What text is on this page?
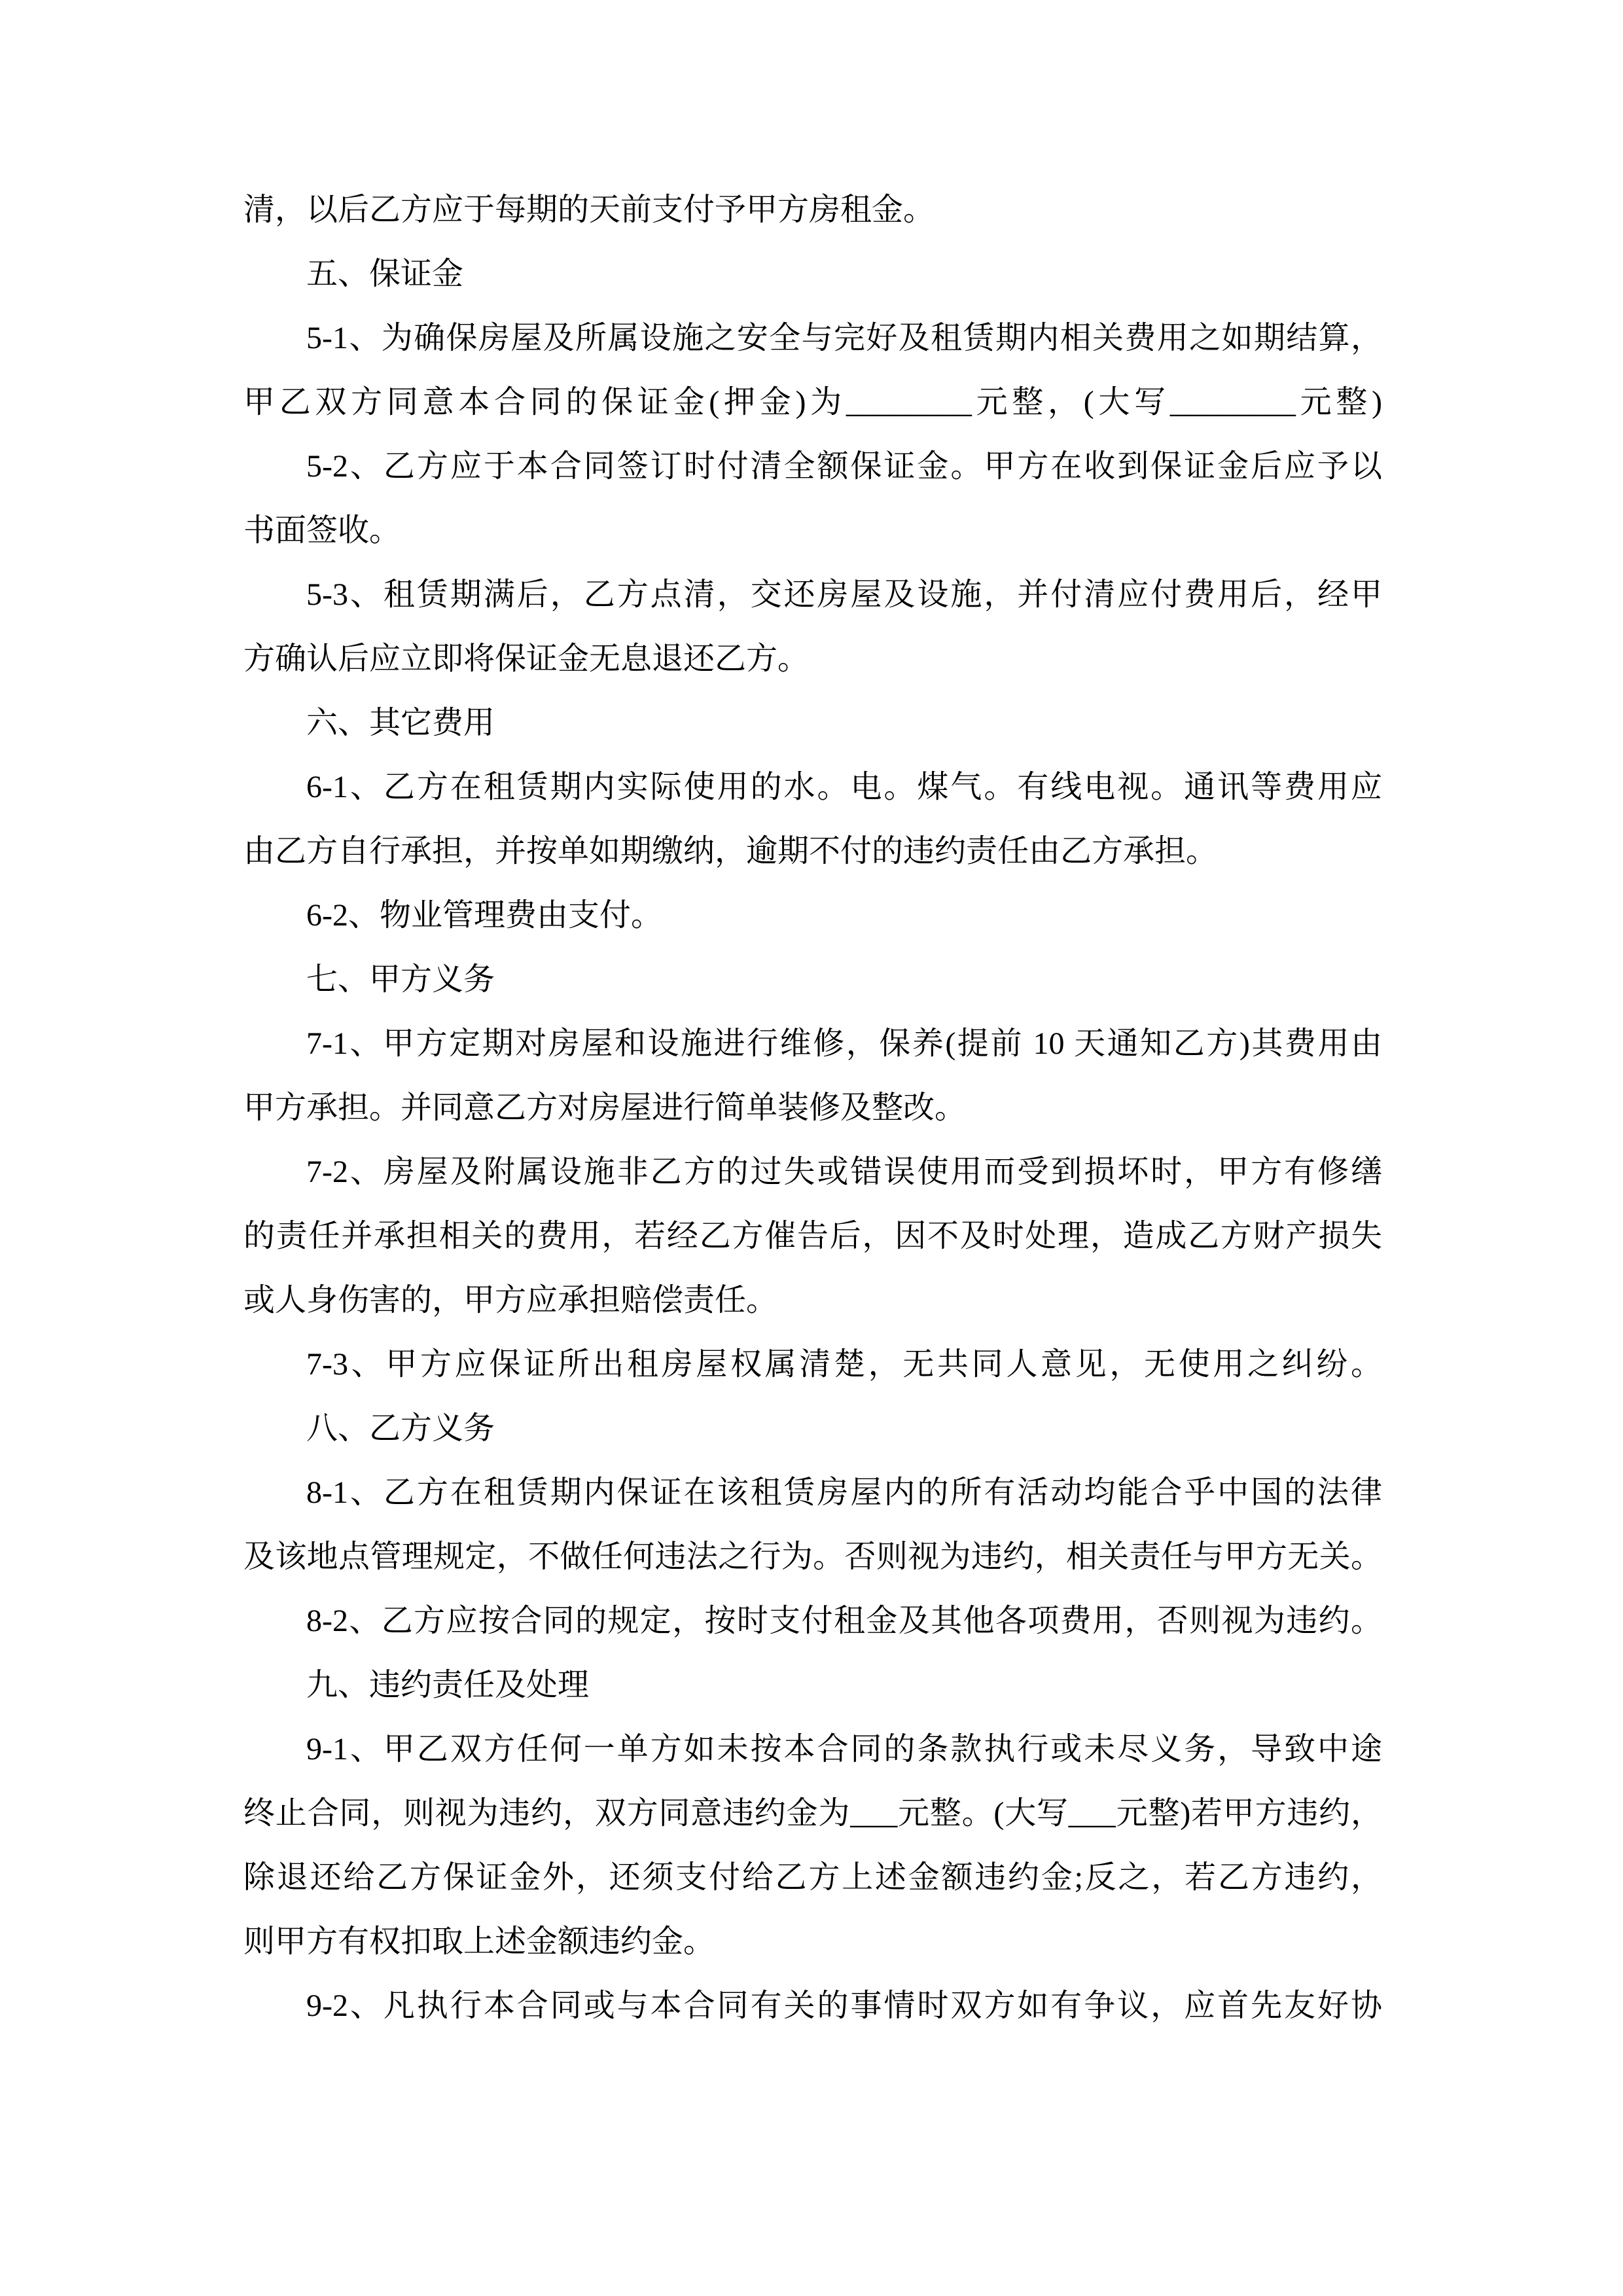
清，以后乙方应于每期的天前支付予甲方房租金。
五、保证金
5-1、为确保房屋及所属设施之安全与完好及租赁期内相关费用之如期结算，
甲乙双方同意本合同的保证金(押金)为________元整，(大写________元整)
5-2、乙方应于本合同签订时付清全额保证金。甲方在收到保证金后应予以
书面签收。
5-3、租赁期满后，乙方点清，交还房屋及设施，并付清应付费用后，经甲
方确认后应立即将保证金无息退还乙方。
六、其它费用
6-1、乙方在租赁期内实际使用的水。电。煤气。有线电视。通讯等费用应
由乙方自行承担，并按单如期缴纳，逾期不付的违约责任由乙方承担。
6-2、物业管理费由支付。
七、甲方义务
7-1、甲方定期对房屋和设施进行维修，保养(提前 10 天通知乙方)其费用由
甲方承担。并同意乙方对房屋进行简单装修及整改。
7-2、房屋及附属设施非乙方的过失或错误使用而受到损坏时，甲方有修缮
的责任并承担相关的费用，若经乙方催告后，因不及时处理，造成乙方财产损失
或人身伤害的，甲方应承担赔偿责任。
7-3、甲方应保证所出租房屋权属清楚，无共同人意见，无使用之纠纷。
八、乙方义务
8-1、乙方在租赁期内保证在该租赁房屋内的所有活动均能合乎中国的法律
及该地点管理规定，不做任何违法之行为。否则视为违约，相关责任与甲方无关。
8-2、乙方应按合同的规定，按时支付租金及其他各项费用，否则视为违约。
九、违约责任及处理
9-1、甲乙双方任何一单方如未按本合同的条款执行或未尽义务，导致中途
终止合同，则视为违约，双方同意违约金为___元整。(大写___元整)若甲方违约，
除退还给乙方保证金外，还须支付给乙方上述金额违约金;反之，若乙方违约，
则甲方有权扣取上述金额违约金。
9-2、凡执行本合同或与本合同有关的事情时双方如有争议，应首先友好协
